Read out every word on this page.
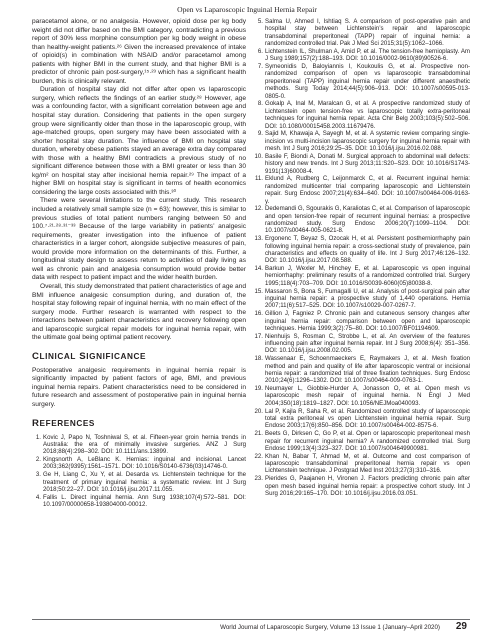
Open vs Laparoscopic Inguinal Hernia Repair

paracetamol alone, or no analgesia. However, opioid dose per kg body weight did not differ based on the BMI category, contradicting a previous report of 30% less morphine consumption per kg body weight in obese than healthy-weight patients.²⁶ Given the increased prevalence of intake of opioid(s) in combination with NSAID and/or paracetamol among patients with higher BMI in the current study, and that higher BMI is a predictor of chronic pain post-surgery,¹⁵·²³ which has a significant health burden, this is clinically relevant.

Duration of hospital stay did not differ after open vs laparoscopic surgery, which reflects the findings of an earlier study.²⁸ However, age was a confounding factor, with a significant correlation between age and hospital stay duration. Considering that patients in the open surgery group were significantly older than those in the laparoscopic group, with age-matched groups, open surgery may have been associated with a shorter hospital stay duration. The influence of BMI on hospital stay duration, whereby obese patients stayed an average extra day compared with those with a healthy BMI contradicts a previous study of no significant difference between those with a BMI greater or less than 30 kg/m² on hospital stay after incisional hernia repair.²⁹ The impact of a higher BMI on hospital stay is significant in terms of health economics considering the large costs associated with this.³⁰

There were several limitations to the current study. This research included a relatively small sample size (n = 63); however, this is similar to previous studies of total patient numbers ranging between 50 and 100.⁷·²¹·²⁸·³¹⁻³³ Because of the large variability in patients’ analgesic requirements, greater investigation into the influence of patient characteristics in a larger cohort, alongside subjective measures of pain, would provide more information on the determinants of this. Further, a longitudinal study design to assess return to activities of daily living as well as chronic pain and analgesia consumption would provide better data with respect to patient impact and the wider health burden.

Overall, this study demonstrated that patient characteristics of age and BMI influence analgesic consumption during, and duration of, the hospital stay following repair of inguinal hernia, with no main effect of the surgery mode. Further research is warranted with respect to the interactions between patient characteristics and recovery following open and laparoscopic surgical repair models for inguinal hernia repair, with the ultimate goal being optimal patient recovery.

CLINICAL SIGNIFICANCE

Postoperative analgesic requirements in inguinal hernia repair is significantly impacted by patient factors of age, BMI, and previous inguinal hernia repairs. Patient characteristics need to be considered in future research and assessment of postoperative pain in inguinal hernia surgery.

REFERENCES
1. Kovic J, Papo N, Toshniwal S, et al. Fifteen-year groin hernia trends in Australia: the era of minimally invasive surgeries. ANZ J Surg 2018;88(4):298–302. DOI: 10.1111/ans.13899.
2. Kingsnorth A, LeBlanc K. Hernias: inguinal and incisional. Lancet 2003;362(9395):1561–1571. DOI: 10.1016/S0140-6736(03)14746-0.
3. Ge H, Liang C, Xu Y, et al. Desarda vs. Lichtenstein technique for the treatment of primary inguinal hernia: a systematic review. Int J Surg 2018;50:22–27. DOI: 10.1016/j.ijsu.2017.11.055.
4. Fallis L. Direct inguinal hernia. Ann Surg 1938;107(4):572–581. DOI: 10.1097/00000658-193804000-00012.
5. Salma U, Ahmed I, Ishtiaq S. A comparison of post-operative pain and hospital stay between Lichtenstein’s repair and laparoscopic transabdominal preperitoneal (TAPP) repair of inguinal hernia: a randomized controlled trial. Pak J Med Sci 2015;31(5):1062–1066.
6. Lichtenstein IL, Shulman A, Amid P, et al. The tension-free hernioplasty. Am J Surg 1989;157(2):188–193. DOI: 10.1016/0002-9610(89)90526-6.
7. Symeonidis D, Baloyiannis I, Koukoulis G, et al. Prospective non-randomized comparison of open vs laparoscopic transabdominal preperitoneal (TAPP) inguinal hernia repair under different anaesthetic methods. Surg Today 2014;44(5):906–913. DOI: 10.1007/s00595-013-0805-0.
8. Gokalp A, Inal M, Maralcan G, et al. A prospective randomized study of Lichtenstein open tension-free vs laparoscopic totally extra-peritoneal techniques for inguinal hernia repair. Acta Chir Belg 2003;103(5):502–506. DOI: 10.1080/00015458.2003.11679476.
9. Sajid M, Khawaja A, Sayegh M, et al. A systemic review comparing single-incision vs multi-incision laparoscopic surgery for inguinal hernia repair with mesh. Int J Surg 2016;29:25–35. DOI: 10.1016/j.ijsu.2016.02.088.
10. Basile F, Biondi A, Donati M. Surgical approach to abdominal wall defects: history and new trends. Int J Surg 2013;11:S20–S23. DOI: 10.1016/S1743-9191(13)60008-4.
11. Eklund A, Rudberg C, Leijonmarck C, et al. Recurrent inguinal hernia: randomized multicenter trial comparing laparoscopic and Lichtenstein repair. Surg Endosc 2007;21(4):634–640. DOI: 10.1007/s00464-006-9163-y.
12. Dedemandi G, Sgourakis G, Karaliotas C, et al. Comparison of laparoscopic and open tension-free repair of recurrent inguinal hernias: a prospective randomized study. Surg Endosc 2006;20(7):1099–1104. DOI: 10.1007/s00464-005-0621-8.
13. Ergonenc T, Beyaz S, Ozocak H, et al. Persistent postherniorrhaphy pain following inguinal hernia repair: a cross-sectional study of prevalence, pain characteristics and effects on quality of life. Int J Surg 2017;46:126–132. DOI: 10.1016/j.ijsu.2017.08.588.
14. Barkun J, Wexler M, Hinchey E, et al. Laparoscopic vs open inguinal herniorrhaphy: preliminary results of a randomized controlled trial. Surgery 1995;118(4):703–709. DOI: 10.1016/S0039-6060(05)80038-8.
15. Massaron S, Bona S, Fumagalli U, et al. Analysis of post-surgical pain after inguinal hernia repair: a prospective study of 1,440 operations. Hernia 2007;11(6):517–525. DOI: 10.1007/s10029-007-0267-7.
16. Gillion J, Fagniez P. Chronic pain and cutaneous sensory changes after inguinal hernia repair: comparison between open and laparoscopic techniques. Hernia 1999;3(2):75–80. DOI: 10.1007/BF01194609.
17. Nienhuijs S, Rosman C, Strobbe L, et al. An overview of the features influencing pain after inguinal hernia repair. Int J Surg 2008;6(4): 351–356. DOI: 10.1016/j.ijsu.2008.02.005.
18. Wassenaar E, Schoenmaeckers E, Raymakers J, et al. Mesh fixation method and pain and quality of life after laparoscopic ventral or incisional hernia repair: a randomized trial of three fixation techniques. Surg Endosc 2010;24(6):1296–1302. DOI: 10.1007/s00464-009-0763-1.
19. Neumayer L, Giobbie-Hurder A, Jonasson O, et al. Open mesh vs laparoscopic mesh repair of inguinal hernia. N Engl J Med 2004;350(18):1819–1827. DOI: 10.1056/NEJMoa040093.
20. Lal P, Kajla R, Saha R, et al. Randomized controlled study of laparoscopic total extra peritoneal vs open Lichtenstein inguinal hernia repair. Surg Endosc 2003;17(6):850–856. DOI: 10.1007/s00464-002-8575-6.
21. Beets G, Dirksen C, Go P, et al. Open or laparoscopic preperitoneal mesh repair for recurrent inguinal hernia? A randomized controlled trial. Surg Endosc 1999;13(4):323–327. DOI: 10.1007/s004649900981.
22. Khan N, Babar T, Ahmad M, et al. Outcome and cost comparison of laparoscopic transabdominal preperitoneal hernia repair vs open Lichtenstein technique. J Postgrad Med Inst 2013;27(3):310–316.
23. Pierides G, Paajanen H, Vironen J. Factors predicting chronic pain after open mesh based inguinal hernia repair: a prospective cohort study. Int J Surg 2016;29:165–170. DOI: 10.1016/j.ijsu.2016.03.051.
World Journal of Laparoscopic Surgery, Volume 13 Issue 1 (January–April 2020) 29
